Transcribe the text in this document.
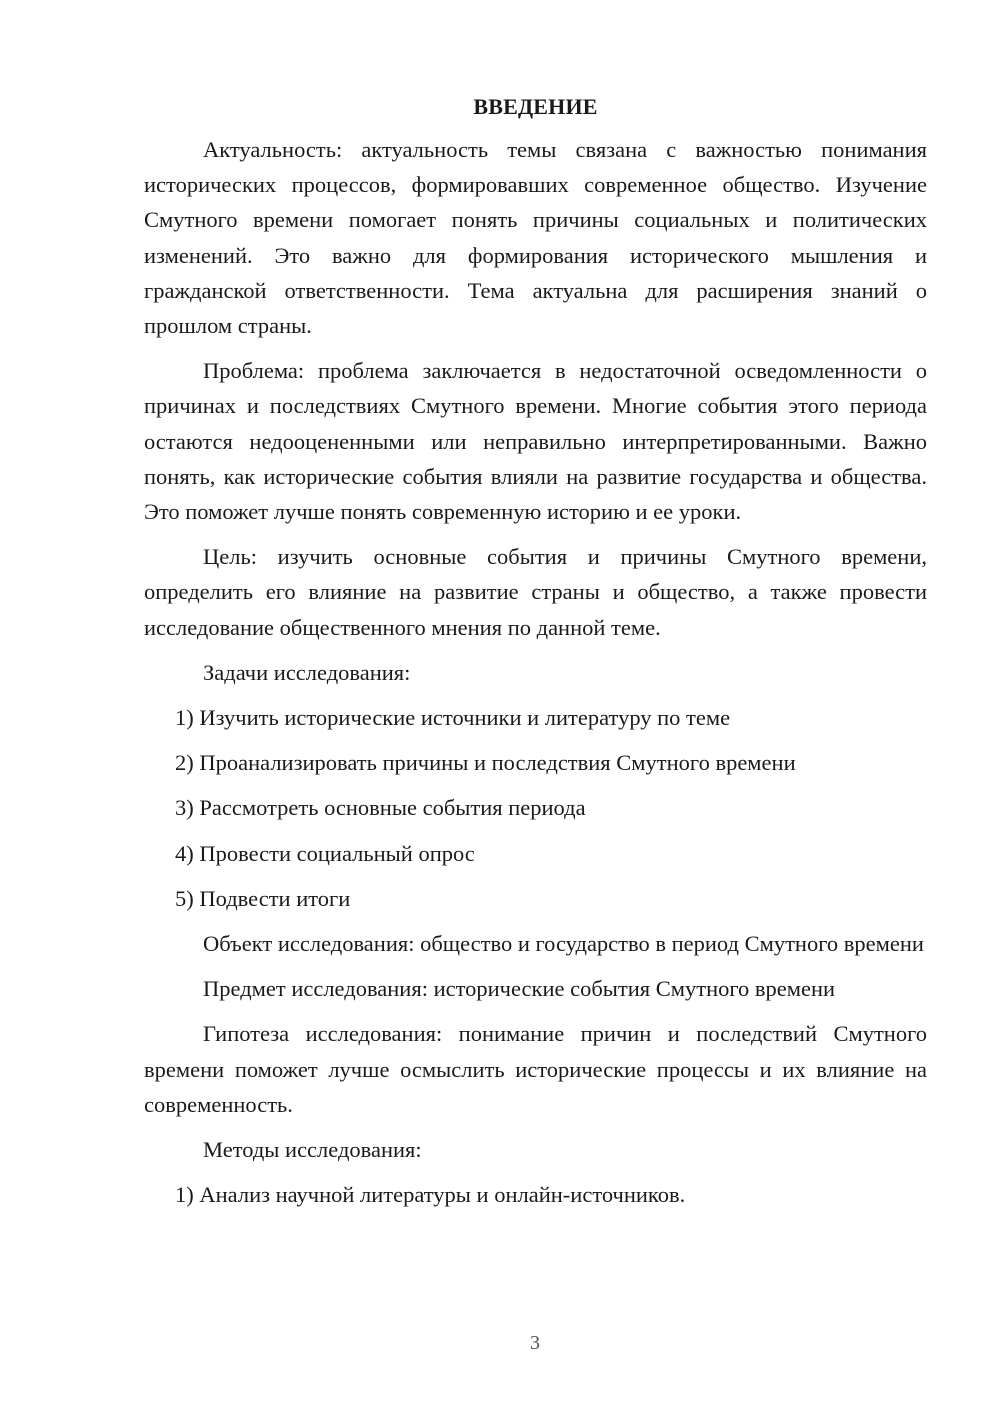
ВВЕДЕНИЕ

Актуальность: актуальность темы связана с важностью понимания исторических процессов, формировавших современное общество. Изучение Смутного времени помогает понять причины социальных и политических изменений. Это важно для формирования исторического мышления и гражданской ответственности. Тема актуальна для расширения знаний о прошлом страны.

Проблема: проблема заключается в недостаточной осведомленности о причинах и последствиях Смутного времени. Многие события этого периода остаются недооцененными или неправильно интерпретированными. Важно понять, как исторические события влияли на развитие государства и общества. Это поможет лучше понять современную историю и ее уроки.

Цель: изучить основные события и причины Смутного времени, определить его влияние на развитие страны и общество, а также провести исследование общественного мнения по данной теме.

Задачи исследования:

1) Изучить исторические источники и литературу по теме
2) Проанализировать причины и последствия Смутного времени
3) Рассмотреть основные события периода
4) Провести социальный опрос
5) Подвести итоги

Объект исследования: общество и государство в период Смутного времени

Предмет исследования: исторические события Смутного времени

Гипотеза исследования: понимание причин и последствий Смутного времени поможет лучше осмыслить исторические процессы и их влияние на современность.

Методы исследования:

1) Анализ научной литературы и онлайн-источников.
3
